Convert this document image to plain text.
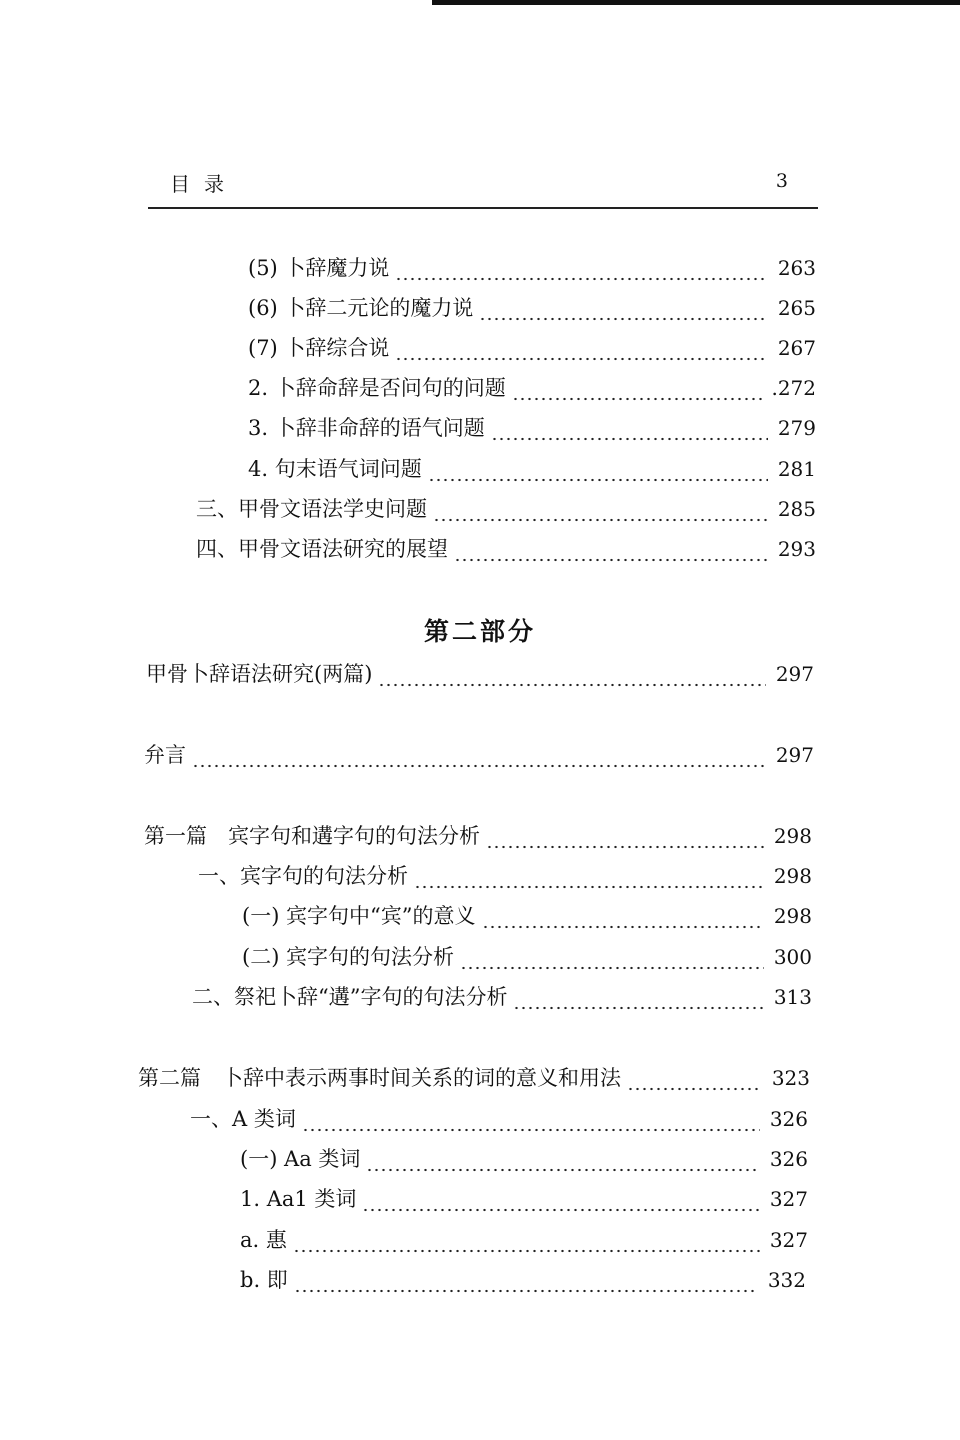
目录	3
(5) 卜辞魔力说	263
(6) 卜辞二元论的魔力说	265
(7) 卜辞综合说	267
2. 卜辞命辞是否问句的问题	.272
3. 卜辞非命辞的语气问题	279
4. 句末语气词问题	281
三、甲骨文语法学史问题	285
四、甲骨文语法研究的展望	293
第二部分
甲骨卜辞语法研究(两篇)	297
弁言	297
第一篇　宾字句和遘字句的句法分析	298
一、宾字句的句法分析	298
(一) 宾字句中“宾”的意义	298
(二) 宾字句的句法分析	300
二、祭祀卜辞“遘”字句的句法分析	313
第二篇　卜辞中表示两事时间关系的词的意义和用法	323
一、A 类词	326
(一) Aa 类词	326
1. Aa1 类词	327
a. 惠	327
b. 即	332
